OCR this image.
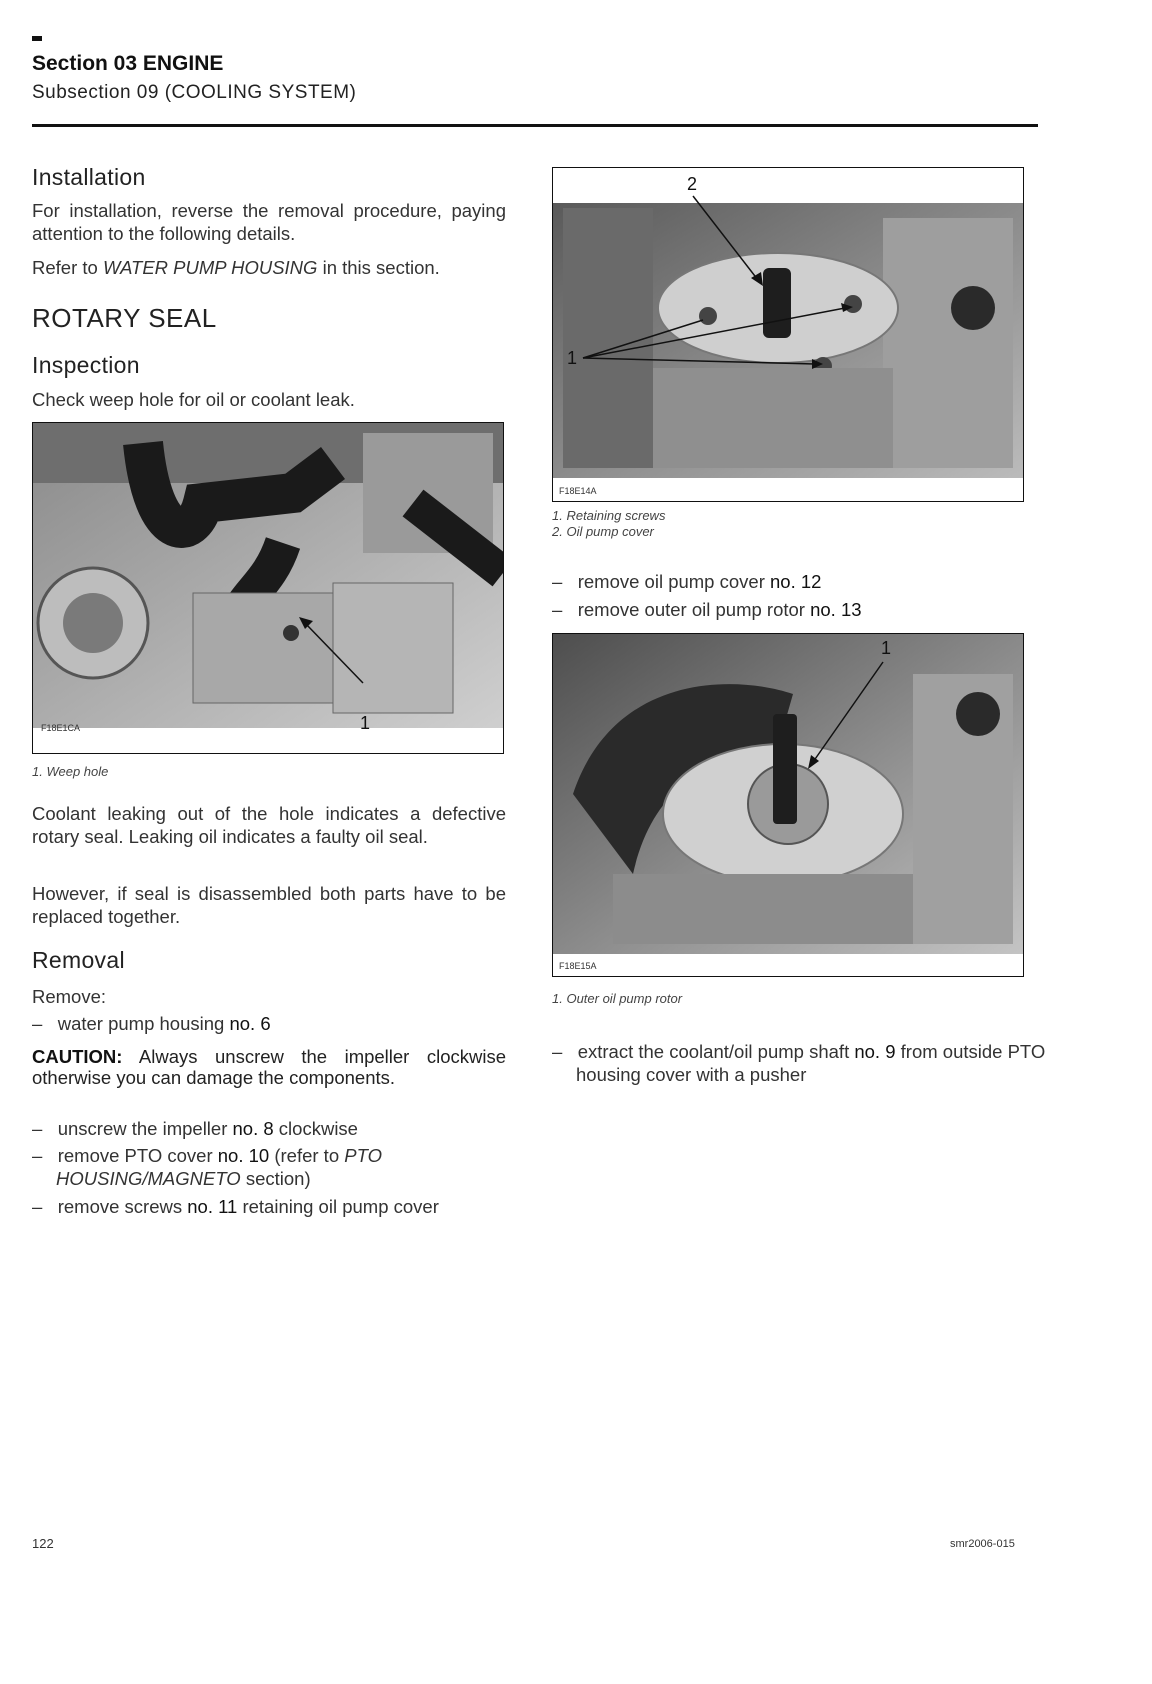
Section 03 ENGINE
Subsection 09 (COOLING SYSTEM)
Installation
For installation, reverse the removal procedure, paying attention to the following details.
Refer to WATER PUMP HOUSING in this section.
ROTARY SEAL
Inspection
Check weep hole for oil or coolant leak.
F18E1CA	1
1. Weep hole
Coolant leaking out of the hole indicates a defective rotary seal. Leaking oil indicates a faulty oil seal.
However, if seal is disassembled both parts have to be replaced together.
Removal
Remove:
–   water pump housing no. 6
CAUTION: Always unscrew the impeller clockwise otherwise you can damage the components.
–   unscrew the impeller no. 8 clockwise
–   remove PTO cover no. 10 (refer to PTO HOUSING/MAGNETO section)
–   remove screws no. 11 retaining oil pump cover
F18E14A
1
2
1. Retaining screws
2. Oil pump cover
–   remove oil pump cover no. 12
–   remove outer oil pump rotor no. 13
F18E15A
1
1. Outer oil pump rotor
–   extract the coolant/oil pump shaft no. 9 from outside PTO housing cover with a pusher
122	smr2006-015
